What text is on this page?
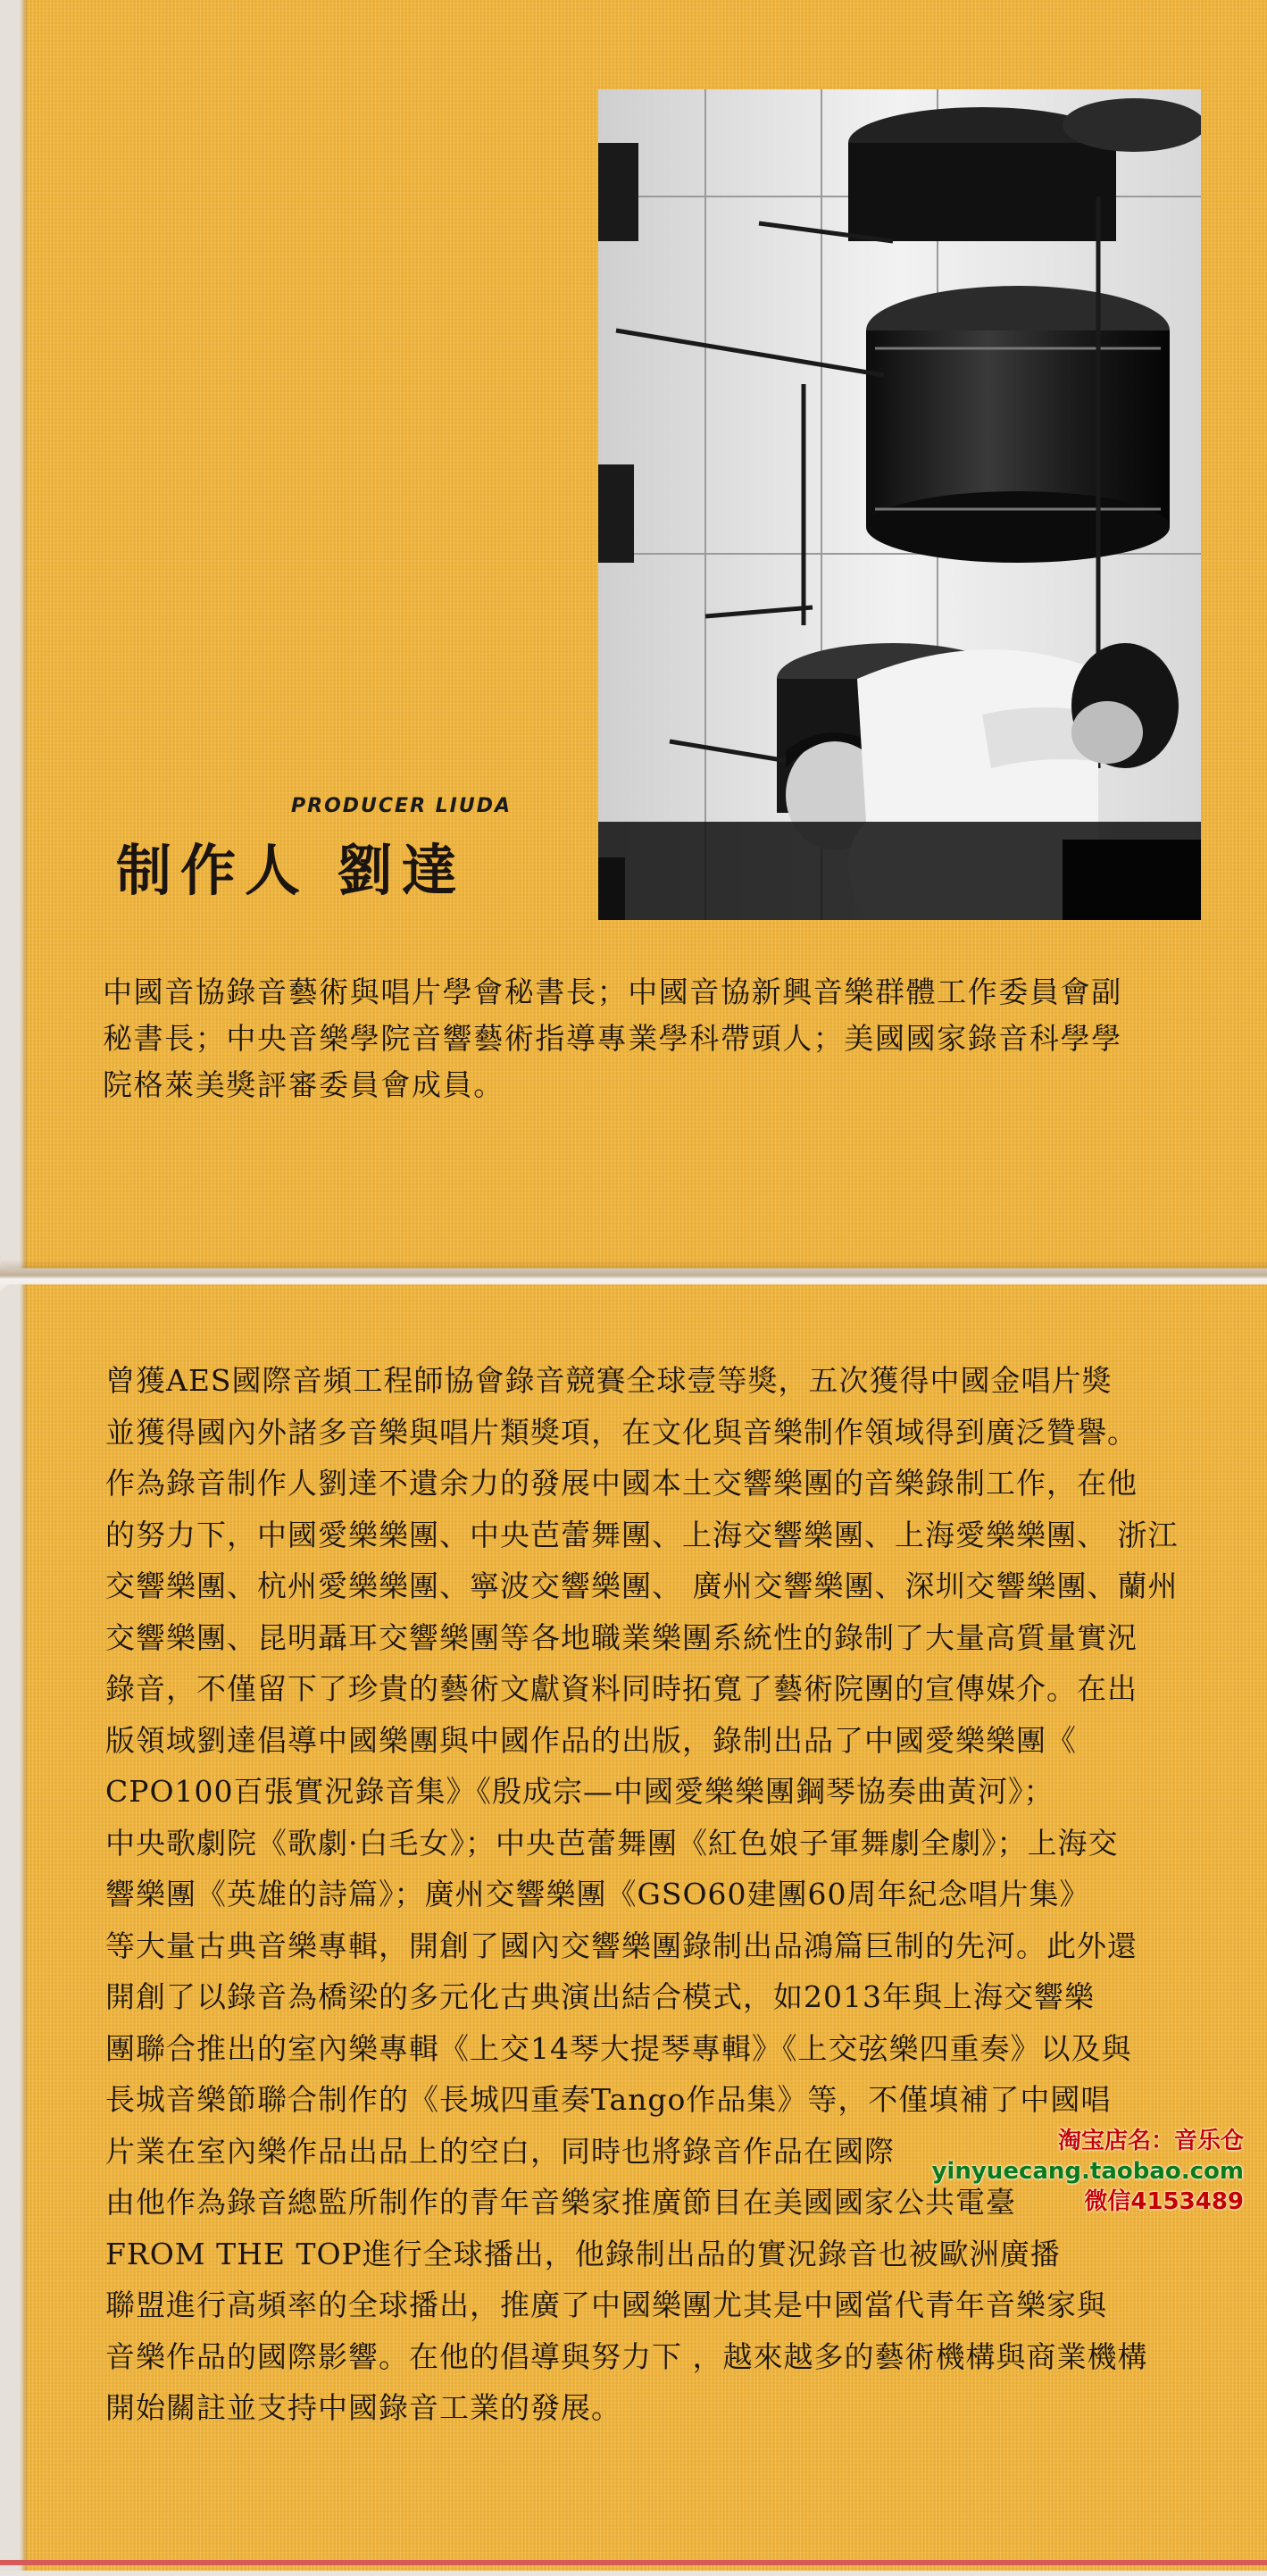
PRODUCER LIUDA
制作人 劉達
中國音協錄音藝術與唱片學會秘書長；中國音協新興音樂群體工作委員會副
秘書長；中央音樂學院音響藝術指導專業學科帶頭人；美國國家錄音科學學
院格萊美獎評審委員會成員。
曾獲AES國際音頻工程師協會錄音競賽全球壹等獎，五次獲得中國金唱片獎
並獲得國內外諸多音樂與唱片類獎項，在文化與音樂制作領域得到廣泛贊譽。
作為錄音制作人劉達不遺余力的發展中國本土交響樂團的音樂錄制工作，在他
的努力下，中國愛樂樂團、中央芭蕾舞團、上海交響樂團、上海愛樂樂團、 浙江
交響樂團、杭州愛樂樂團、寧波交響樂團、 廣州交響樂團、深圳交響樂團、蘭州
交響樂團、昆明聶耳交響樂團等各地職業樂團系統性的錄制了大量高質量實況
錄音，不僅留下了珍貴的藝術文獻資料同時拓寬了藝術院團的宣傳媒介。在出
版領域劉達倡導中國樂團與中國作品的出版，錄制出品了中國愛樂樂團《
CPO100百張實況錄音集》《殷成宗—中國愛樂樂團鋼琴協奏曲黃河》；
中央歌劇院《歌劇·白毛女》；中央芭蕾舞團《紅色娘子軍舞劇全劇》；上海交
響樂團《英雄的詩篇》；廣州交響樂團《GSO60建團60周年紀念唱片集》
等大量古典音樂專輯，開創了國內交響樂團錄制出品鴻篇巨制的先河。此外還
開創了以錄音為橋梁的多元化古典演出結合模式，如2013年與上海交響樂
團聯合推出的室內樂專輯《上交14琴大提琴專輯》《上交弦樂四重奏》以及與
長城音樂節聯合制作的《長城四重奏Tango作品集》等，不僅填補了中國唱
片業在室內樂作品出品上的空白，同時也將錄音作品在國際
由他作為錄音總監所制作的青年音樂家推廣節目在美國國家公共電臺
FROM THE TOP進行全球播出，他錄制出品的實況錄音也被歐洲廣播
聯盟進行高頻率的全球播出，推廣了中國樂團尤其是中國當代青年音樂家與
音樂作品的國際影響。在他的倡導與努力下 ，越來越多的藝術機構與商業機構
開始關註並支持中國錄音工業的發展。
淘宝店名：音乐仓
yinyuecang.taobao.com
微信4153489
